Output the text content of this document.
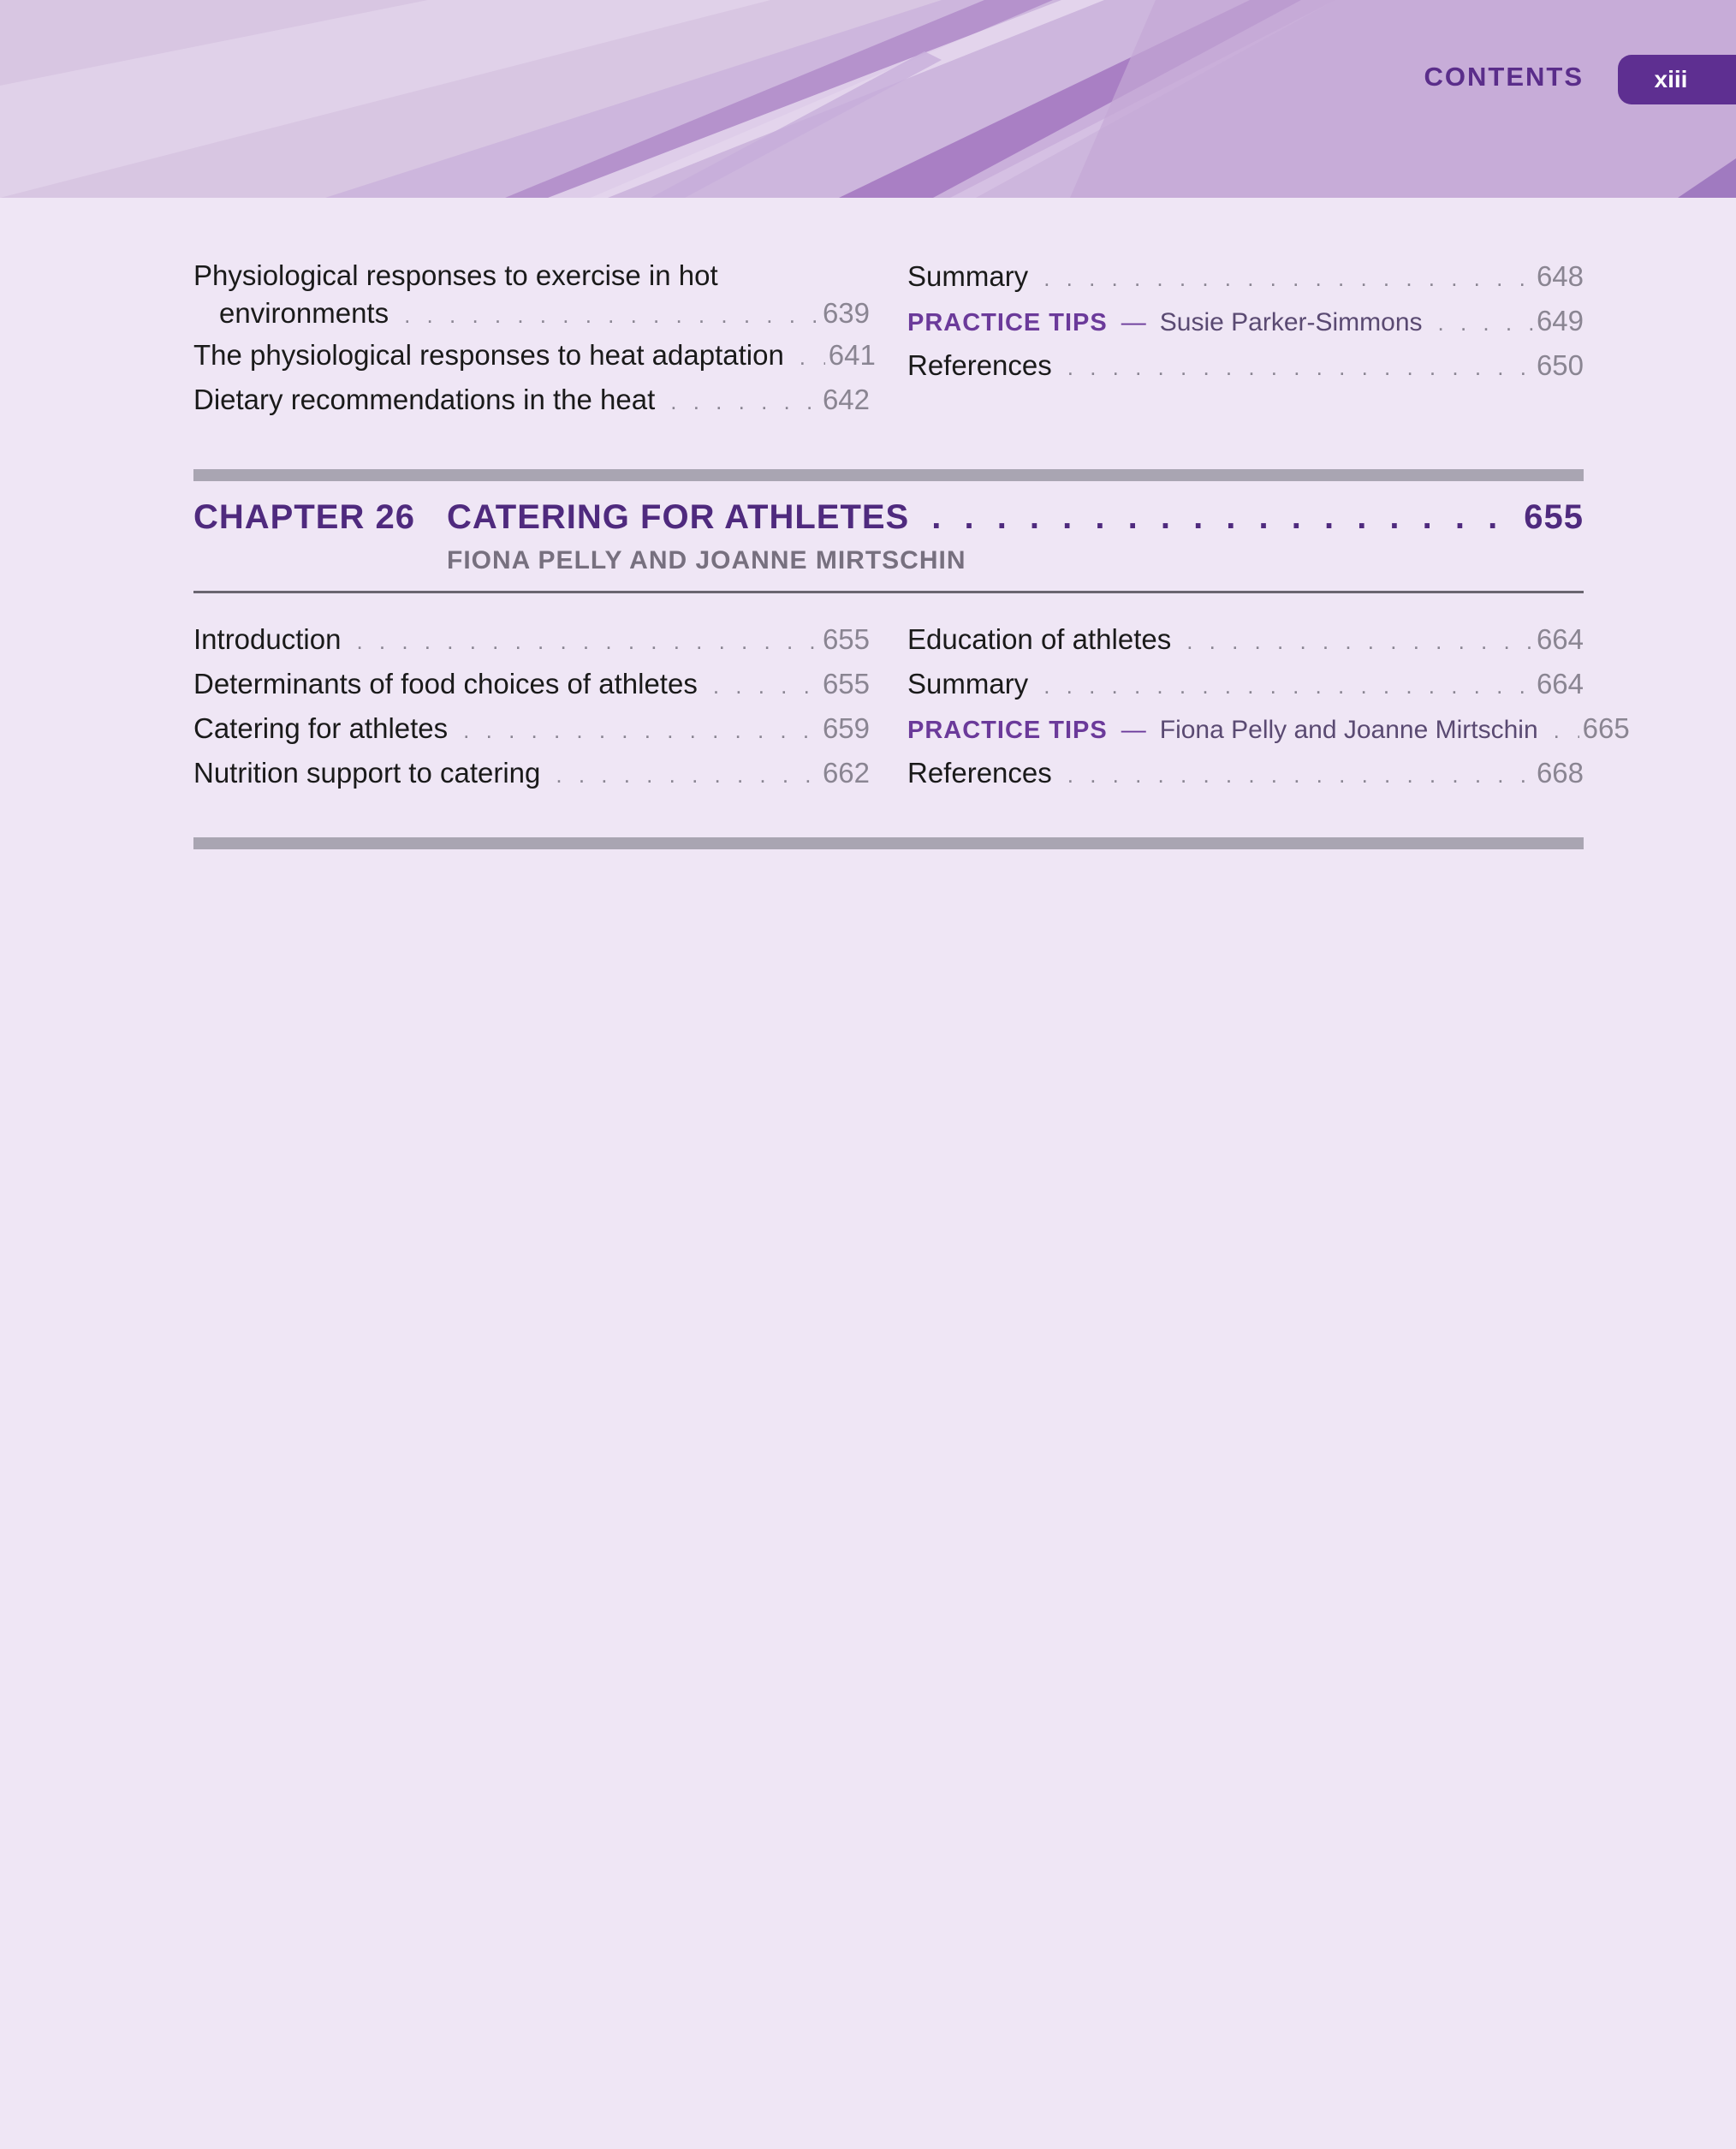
CONTENTS	xiii
Physiological responses to exercise in hot
environments . . .	639
The physiological responses to heat adaptation . . . 641
Dietary recommendations in the heat . . .	642
Summary . . .	648
PRACTICE TIPS — Susie Parker-Simmons . . .	649
References . . .	650
CHAPTER 26 CATERING FOR ATHLETES . . .	655
FIONA PELLY AND JOANNE MIRTSCHIN
Introduction . . .	655
Determinants of food choices of athletes . . .	655
Catering for athletes . . .	659
Nutrition support to catering . . .	662
Education of athletes . . .	664
Summary . . .	664
PRACTICE TIPS — Fiona Pelly and Joanne Mirtschin . . . 665
References . . .	668
